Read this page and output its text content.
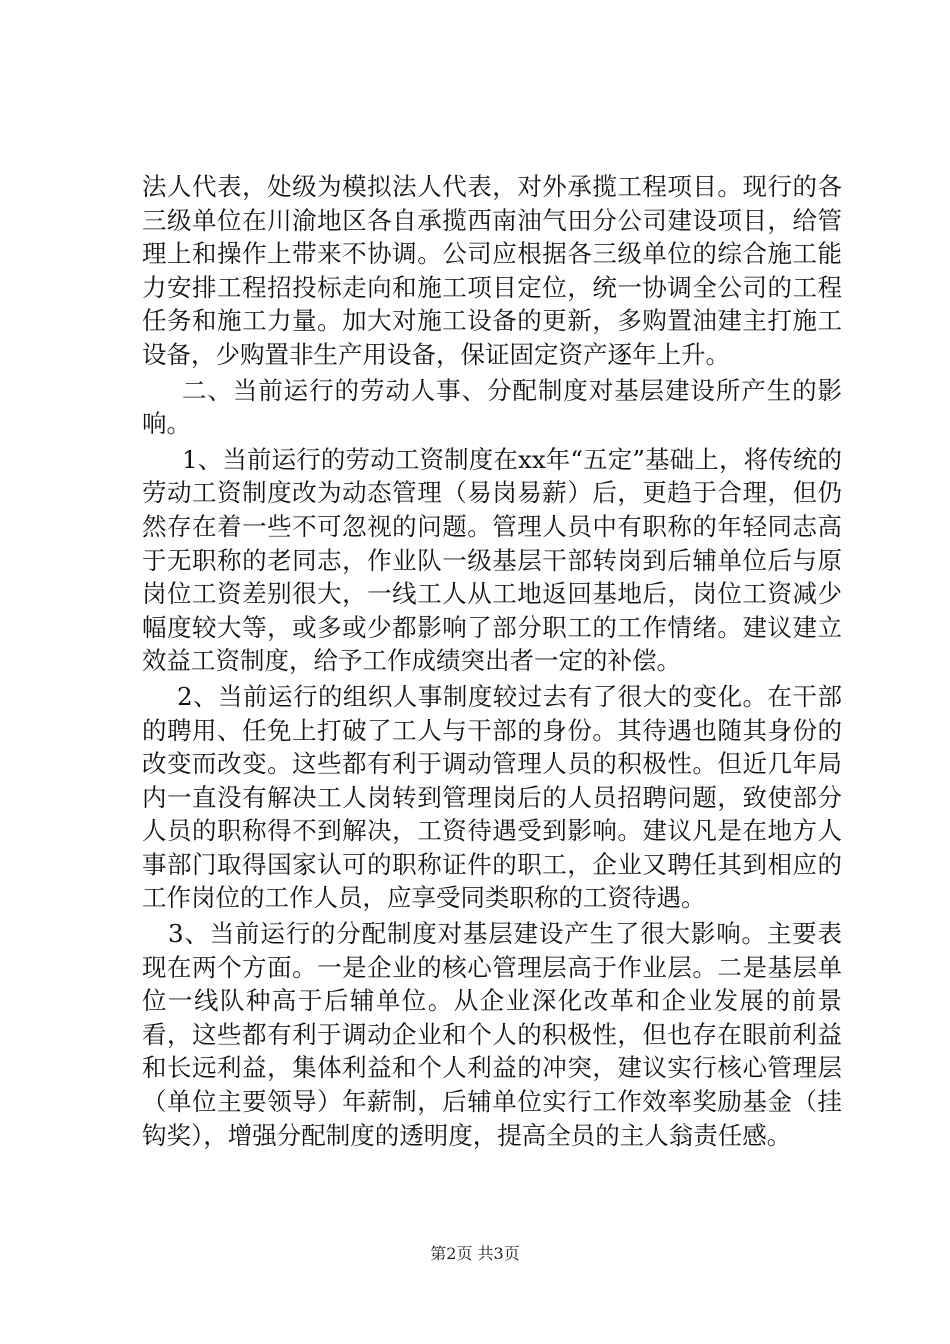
法人代表，处级为模拟法人代表，对外承揽工程项目。现行的各三级单位在川渝地区各自承揽西南油气田分公司建设项目，给管理上和操作上带来不协调。公司应根据各三级单位的综合施工能力安排工程招投标走向和施工项目定位，统一协调全公司的工程任务和施工力量。加大对施工设备的更新，多购置油建主打施工设备，少购置非生产用设备，保证固定资产逐年上升。

二、当前运行的劳动人事、分配制度对基层建设所产生的影响。

1、当前运行的劳动工资制度在xx年“五定”基础上，将传统的劳动工资制度改为动态管理（易岗易薪）后，更趋于合理，但仍然存在着一些不可忽视的问题。管理人员中有职称的年轻同志高于无职称的老同志，作业队一级基层干部转岗到后辅单位后与原岗位工资差别很大，一线工人从工地返回基地后，岗位工资减少幅度较大等，或多或少都影响了部分职工的工作情绪。建议建立效益工资制度，给予工作成绩突出者一定的补偿。

2、当前运行的组织人事制度较过去有了很大的变化。在干部的聘用、任免上打破了工人与干部的身份。其待遇也随其身份的改变而改变。这些都有利于调动管理人员的积极性。但近几年局内一直没有解决工人岗转到管理岗后的人员招聘问题，致使部分人员的职称得不到解决，工资待遇受到影响。建议凡是在地方人事部门取得国家认可的职称证件的职工，企业又聘任其到相应的工作岗位的工作人员，应享受同类职称的工资待遇。

3、当前运行的分配制度对基层建设产生了很大影响。主要表现在两个方面。一是企业的核心管理层高于作业层。二是基层单位一线队种高于后辅单位。从企业深化改革和企业发展的前景看，这些都有利于调动企业和个人的积极性，但也存在眼前利益和长远利益，集体利益和个人利益的冲突，建议实行核心管理层（单位主要领导）年薪制，后辅单位实行工作效率奖励基金（挂钩奖），增强分配制度的透明度，提高全员的主人翁责任感。

第2页 共3页
